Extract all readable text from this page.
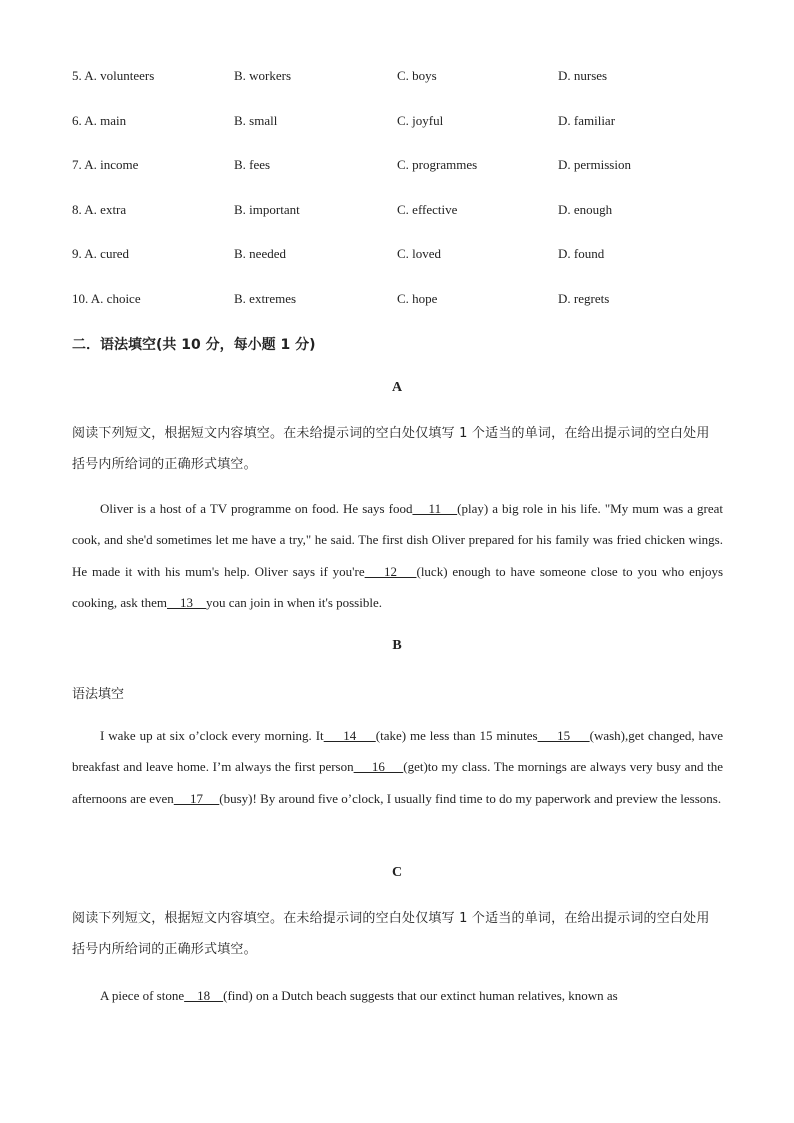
5. A. volunteers	B. workers	C. boys	D. nurses
6. A. main	B. small	C. joyful	D. familiar
7. A. income	B. fees	C. programmes	D. permission
8. A. extra	B. important	C. effective	D. enough
9. A. cured	B. needed	C. loved	D. found
10. A. choice	B. extremes	C. hope	D. regrets
二．语法填空(共 10 分，每小题 1 分)
A
阅读下列短文，根据短文内容填空。在未给提示词的空白处仅填写 1 个适当的单词，在给出提示词的空白处用括号内所给词的正确形式填空。
Oliver is a host of a TV programme on food. He says food    11    (play) a big role in his life. "My mum was a great cook, and she'd sometimes let me have a try," he said. The first dish Oliver prepared for his family was fried chicken wings. He made it with his mum's help. Oliver says if you're    12    (luck) enough to have someone close to you who enjoys cooking, ask them    13    you can join in when it's possible.
B
语法填空
I wake up at six o’clock every morning. It     14     (take) me less than 15 minutes     15     (wash),get changed, have breakfast and leave home. I’m always the first person     16     (get)to my class. The mornings are always very busy and the afternoons are even     17     (busy)! By around five o’clock, I usually find time to do my paperwork and preview the lessons.
C
阅读下列短文，根据短文内容填空。在未给提示词的空白处仅填写 1 个适当的单词，在给出提示词的空白处用括号内所给词的正确形式填空。
A piece of stone    18    (find) on a Dutch beach suggests that our extinct human relatives, known as
